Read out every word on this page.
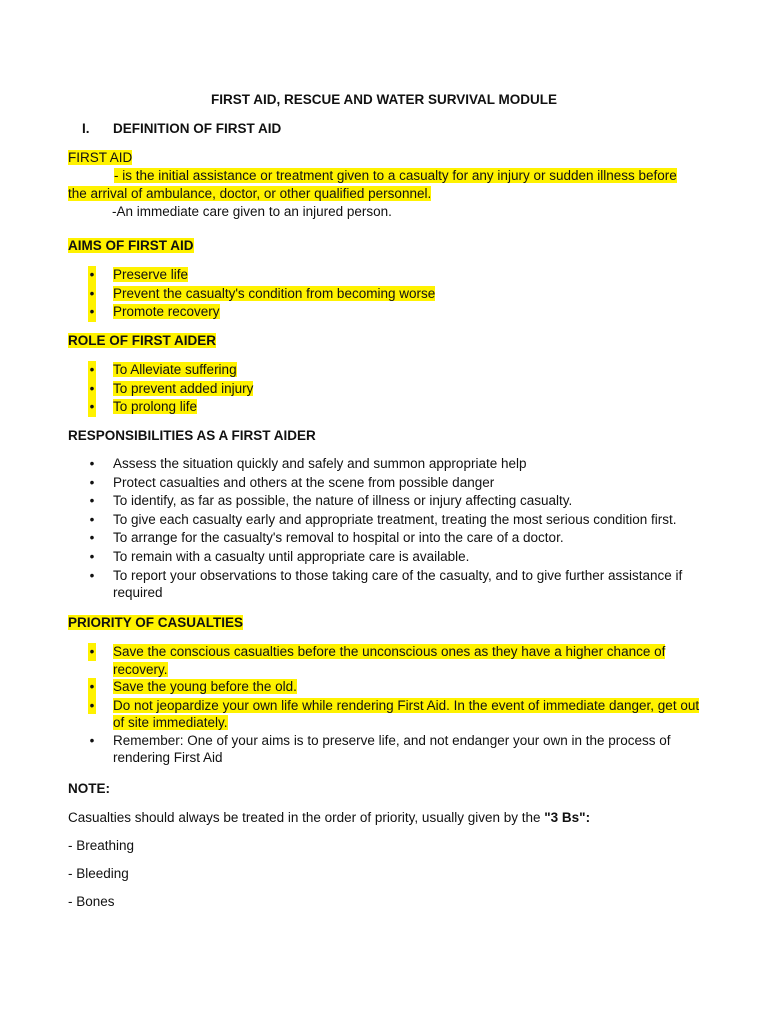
FIRST AID, RESCUE AND WATER SURVIVAL MODULE
I. DEFINITION OF FIRST AID
FIRST AID
- is the initial assistance or treatment given to a casualty for any injury or sudden illness before
the arrival of ambulance, doctor, or other qualified personnel.
-An immediate care given to an injured person.
AIMS OF FIRST AID
• Preserve life
• Prevent the casualty's condition from becoming worse
• Promote recovery
ROLE OF FIRST AIDER
• To Alleviate suffering
• To prevent added injury
• To prolong life
RESPONSIBILITIES AS A FIRST AIDER
• Assess the situation quickly and safely and summon appropriate help
• Protect casualties and others at the scene from possible danger
• To identify, as far as possible, the nature of illness or injury affecting casualty.
• To give each casualty early and appropriate treatment, treating the most serious condition first.
• To arrange for the casualty's removal to hospital or into the care of a doctor.
• To remain with a casualty until appropriate care is available.
• To report your observations to those taking care of the casualty, and to give further assistance if required
PRIORITY OF CASUALTIES
• Save the conscious casualties before the unconscious ones as they have a higher chance of recovery.
• Save the young before the old.
• Do not jeopardize your own life while rendering First Aid. In the event of immediate danger, get out of site immediately.
• Remember: One of your aims is to preserve life, and not endanger your own in the process of rendering First Aid
NOTE:
Casualties should always be treated in the order of priority, usually given by the "3 Bs":
- Breathing
- Bleeding
- Bones
